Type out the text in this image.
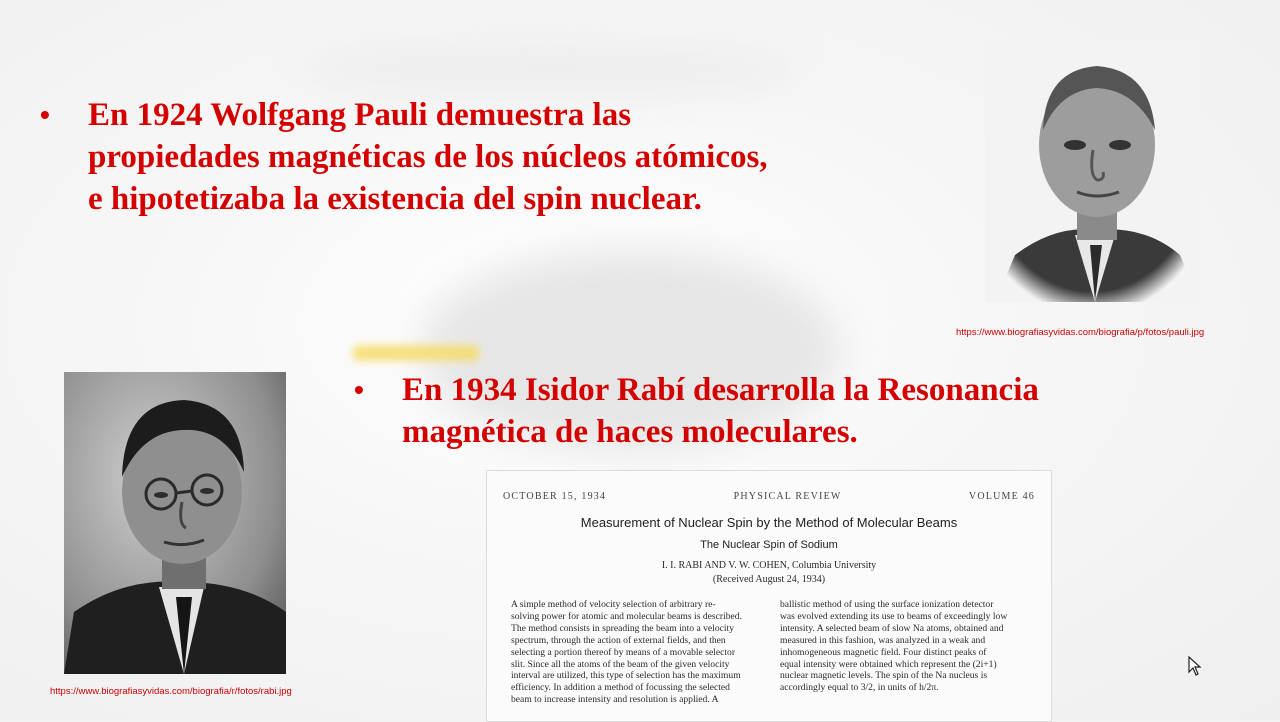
•	En 1924 Wolfgang Pauli demuestra las
propiedades magnéticas de los núcleos atómicos,
e hipotetizaba la existencia del spin nuclear.
•	En 1934 Isidor Rabí desarrolla la Resonancia
magnética de haces moleculares.
https://www.biografiasyvidas.com/biografia/p/fotos/pauli.jpg
https://www.biografiasyvidas.com/biografia/r/fotos/rabi.jpg
OCTOBER 15, 1934	PHYSICAL REVIEW	VOLUME 46
Measurement of Nuclear Spin by the Method of Molecular Beams
The Nuclear Spin of Sodium
I. I. RABI AND V. W. COHEN, Columbia University
(Received August 24, 1934)
A simple method of velocity selection of arbitrary re-
solving power for atomic and molecular beams is described.
The method consists in spreading the beam into a velocity
spectrum, through the action of external fields, and then
selecting a portion thereof by means of a movable selector
slit. Since all the atoms of the beam of the given velocity
interval are utilized, this type of selection has the maximum
efficiency. In addition a method of focussing the selected
beam to increase intensity and resolution is applied. A
ballistic method of using the surface ionization detector
was evolved extending its use to beams of exceedingly low
intensity. A selected beam of slow Na atoms, obtained and
measured in this fashion, was analyzed in a weak and
inhomogeneous magnetic field. Four distinct peaks of
equal intensity were obtained which represent the (2i+1)
nuclear magnetic levels. The spin of the Na nucleus is
accordingly equal to 3/2, in units of h/2π.
